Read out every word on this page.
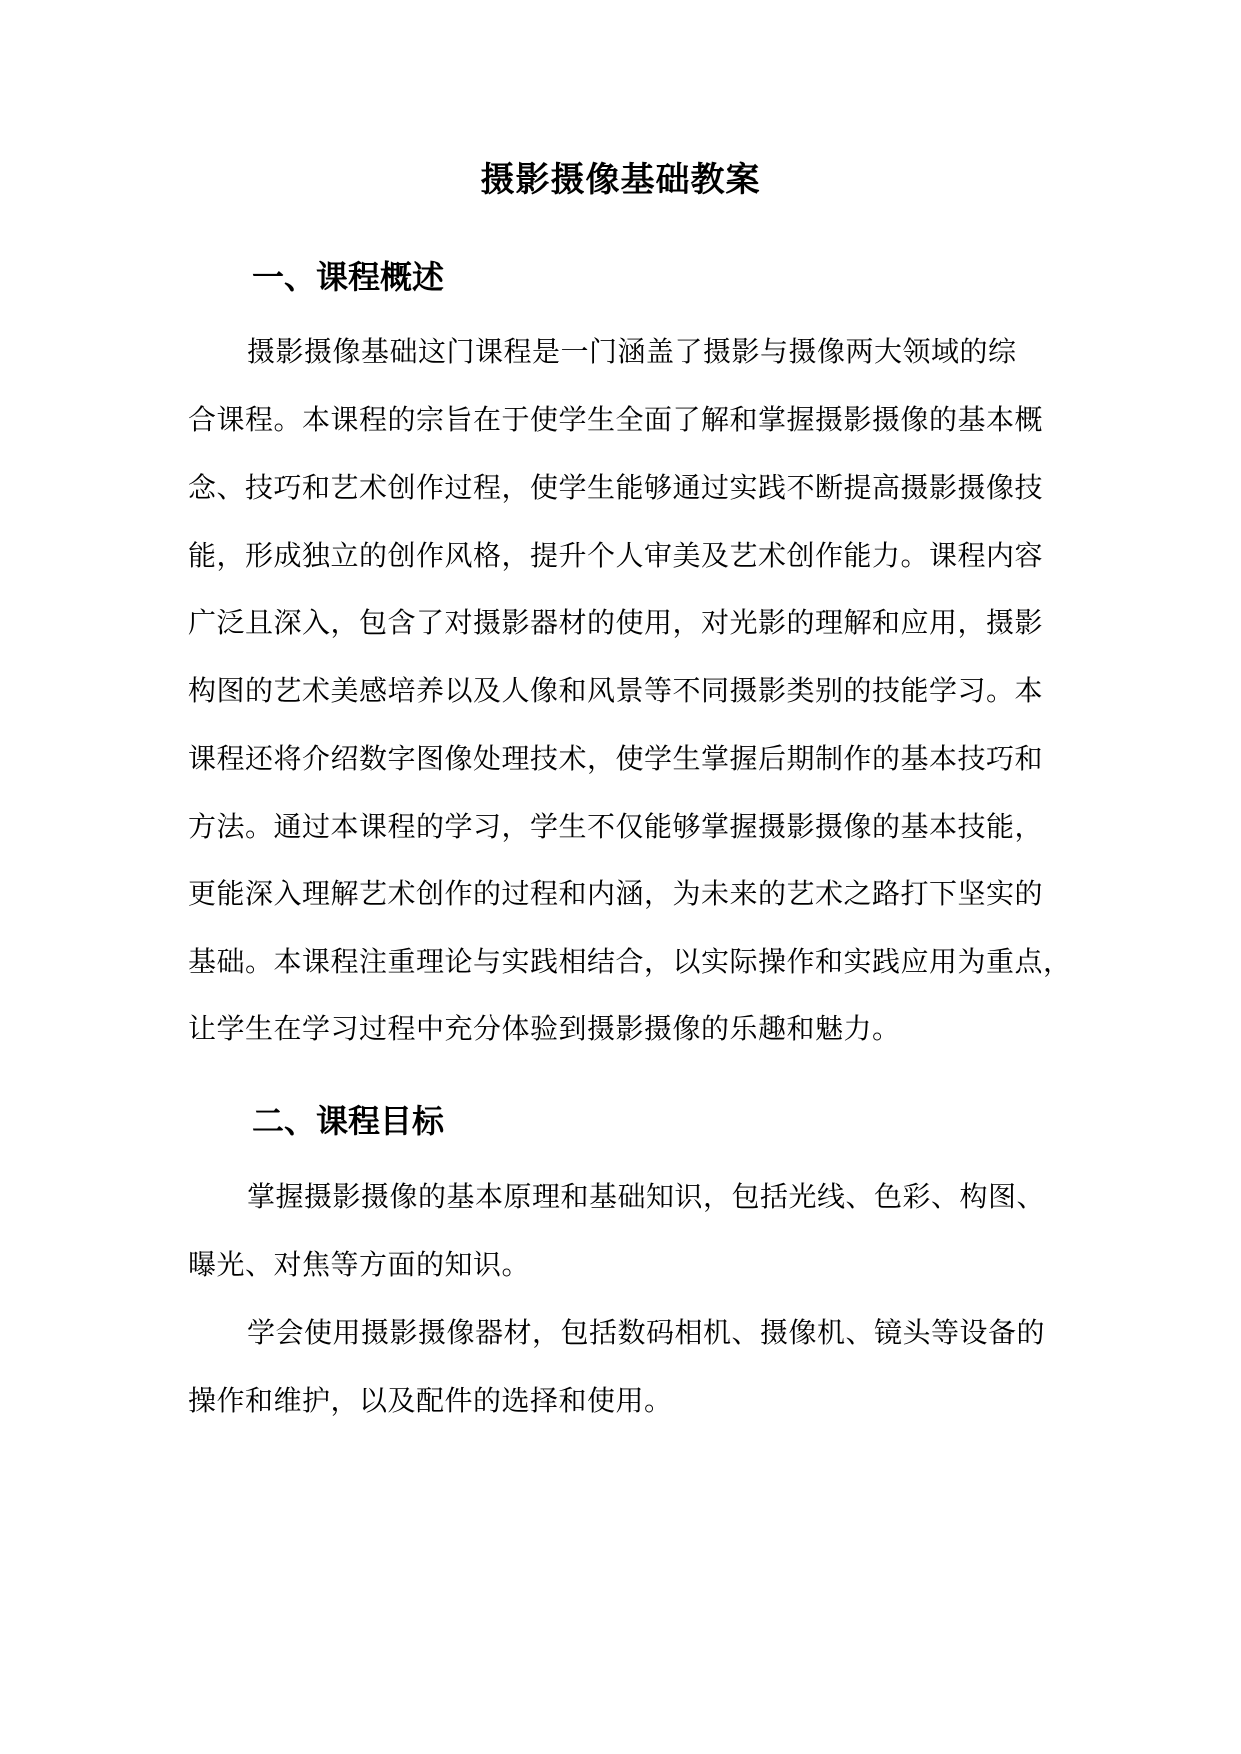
摄影摄像基础教案
一、课程概述

摄影摄像基础这门课程是一门涵盖了摄影与摄像两大领域的综

合课程。本课程的宗旨在于使学生全面了解和掌握摄影摄像的基本概

念、技巧和艺术创作过程，使学生能够通过实践不断提高摄影摄像技

能，形成独立的创作风格，提升个人审美及艺术创作能力。课程内容

广泛且深入，包含了对摄影器材的使用，对光影的理解和应用，摄影

构图的艺术美感培养以及人像和风景等不同摄影类别的技能学习。本

课程还将介绍数字图像处理技术，使学生掌握后期制作的基本技巧和

方法。通过本课程的学习，学生不仅能够掌握摄影摄像的基本技能，

更能深入理解艺术创作的过程和内涵，为未来的艺术之路打下坚实的

基础。本课程注重理论与实践相结合，以实际操作和实践应用为重点，

让学生在学习过程中充分体验到摄影摄像的乐趣和魅力。

二、课程目标

掌握摄影摄像的基本原理和基础知识，包括光线、色彩、构图、

曝光、对焦等方面的知识。

学会使用摄影摄像器材，包括数码相机、摄像机、镜头等设备的

操作和维护，以及配件的选择和使用。
